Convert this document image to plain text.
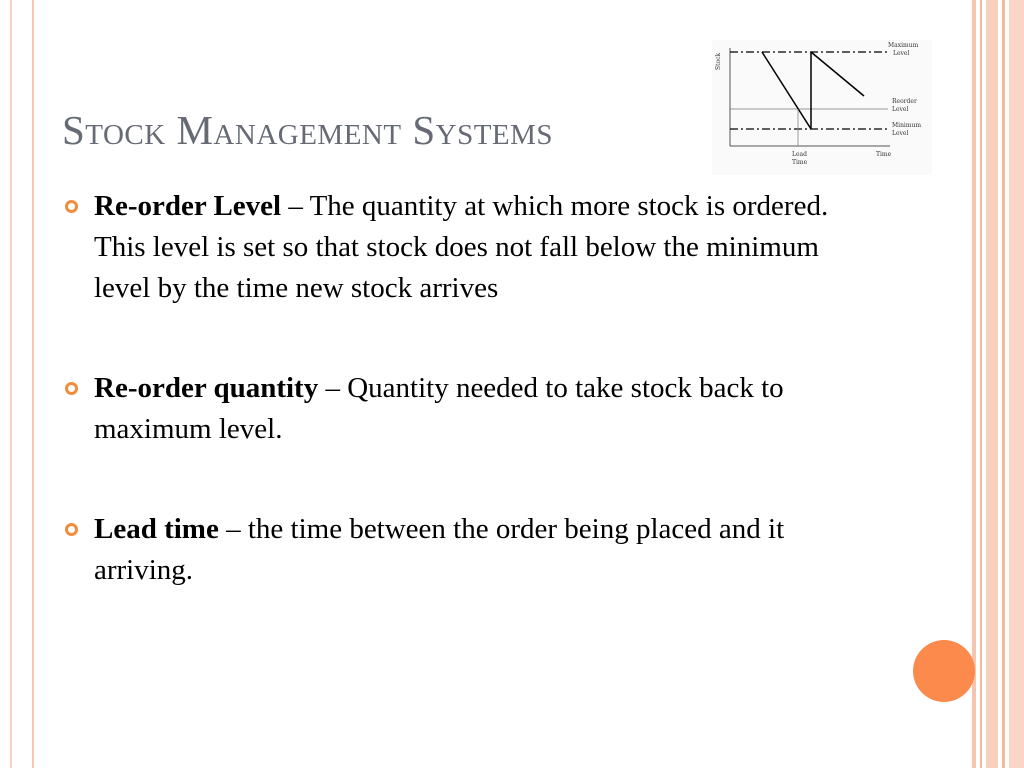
Stock Management Systems
Stock
Maximum
Level
Reorder
Level
Minimum
Level
Lead
Time
Time
Re-order Level – The quantity at which more stock is ordered. This level is set so that stock does not fall below the minimum level by the time new stock arrives
Re-order quantity – Quantity needed to take stock back to maximum level.
Lead time – the time between the order being placed and it arriving.
